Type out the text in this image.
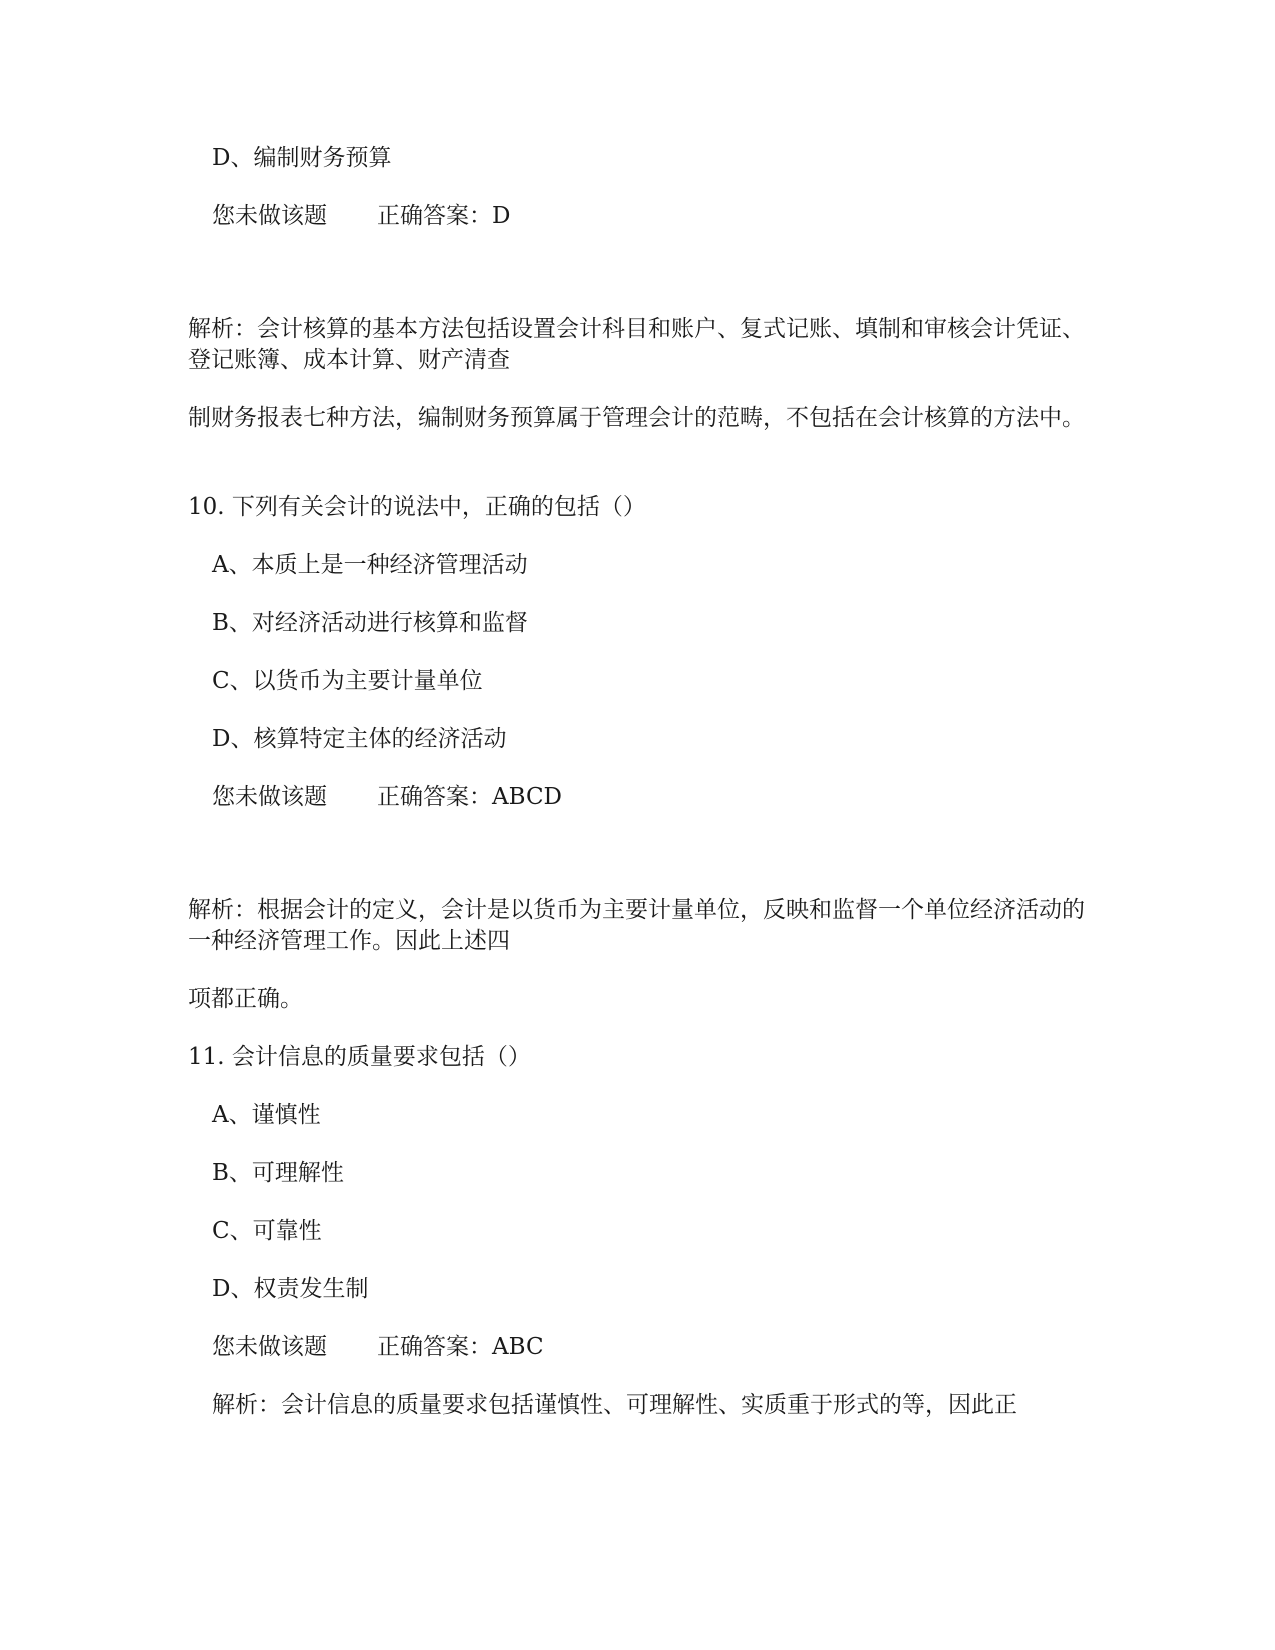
D、编制财务预算
您未做该题 正确答案：D
解析：会计核算的基本方法包括设置会计科目和账户、复式记账、填制和审核会计凭证、登记账簿、成本计算、财产清查
制财务报表七种方法，编制财务预算属于管理会计的范畴，不包括在会计核算的方法中。
10. 下列有关会计的说法中，正确的包括（）
A、本质上是一种经济管理活动
B、对经济活动进行核算和监督
C、以货币为主要计量单位
D、核算特定主体的经济活动
您未做该题 正确答案：ABCD
解析：根据会计的定义，会计是以货币为主要计量单位，反映和监督一个单位经济活动的一种经济管理工作。因此上述四
项都正确。
11. 会计信息的质量要求包括（）
A、谨慎性
B、可理解性
C、可靠性
D、权责发生制
您未做该题 正确答案：ABC
解析：会计信息的质量要求包括谨慎性、可理解性、实质重于形式的等，因此正
